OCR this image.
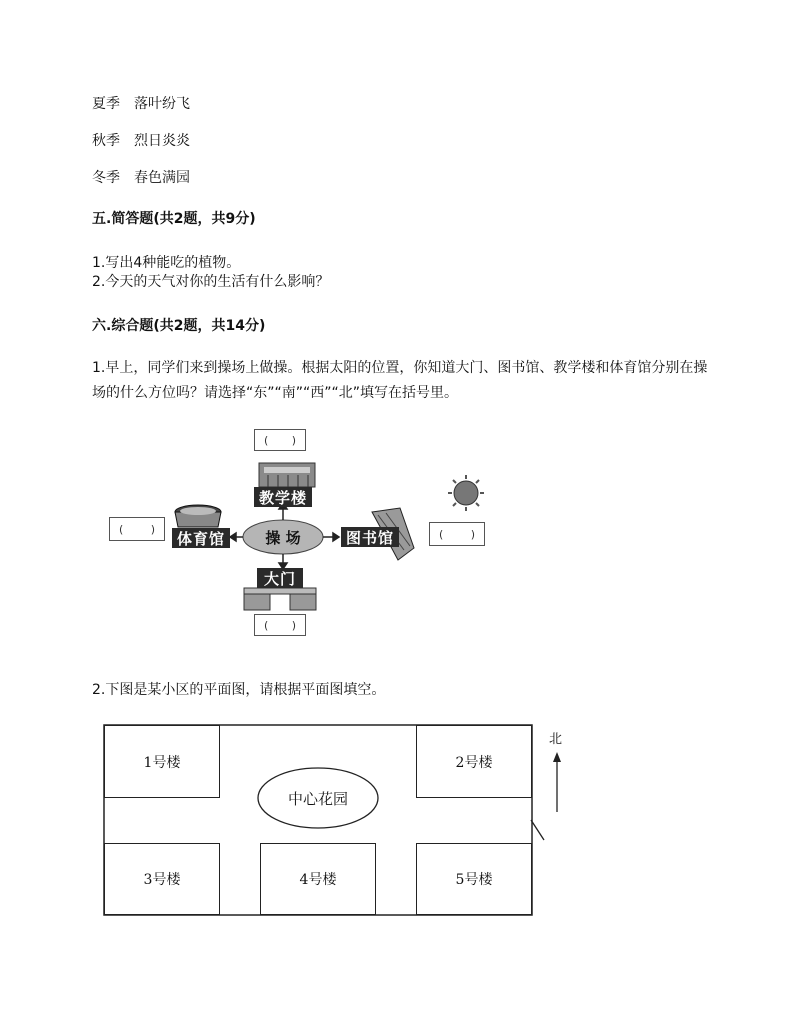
夏季 落叶纷飞
秋季 烈日炎炎
冬季 春色满园
五.简答题(共2题，共9分)
1.写出4种能吃的植物。
2.今天的天气对你的生活有什么影响？
六.综合题(共2题，共14分)
1.早上，同学们来到操场上做操。根据太阳的位置，你知道大门、图书馆、教学楼和体育馆分别在操场的什么方位吗？请选择“东”“南”“西”“北”填写在括号里。
( )
( )	( )
( )
教学楼
体育馆	图书馆
大门
操 场
2.下图是某小区的平面图，请根据平面图填空。
1号楼	2号楼
3号楼	4号楼	5号楼
中心花园
北
